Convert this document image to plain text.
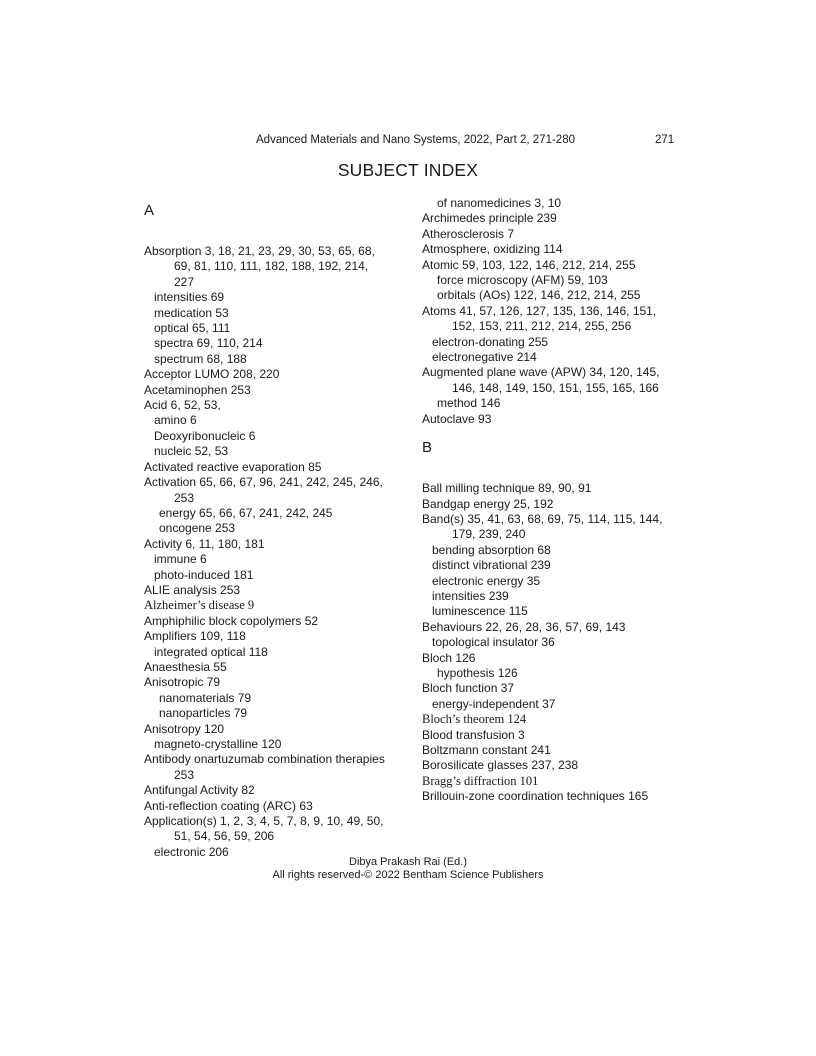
Advanced Materials and Nano Systems, 2022, Part 2, 271-280	271
SUBJECT INDEX
A
Absorption 3, 18, 21, 23, 29, 30, 53, 65, 68,
69, 81, 110, 111, 182, 188, 192, 214,
227
intensities 69
medication 53
optical 65, 111
spectra 69, 110, 214
spectrum 68, 188
Acceptor LUMO 208, 220
Acetaminophen 253
Acid 6, 52, 53,
amino 6
Deoxyribonucleic 6
nucleic 52, 53
Activated reactive evaporation 85
Activation 65, 66, 67, 96, 241, 242, 245, 246,
253
energy 65, 66, 67, 241, 242, 245
oncogene 253
Activity 6, 11, 180, 181
immune 6
photo-induced 181
ALIE analysis 253
Alzheimer’s disease 9
Amphiphilic block copolymers 52
Amplifiers 109, 118
integrated optical 118
Anaesthesia 55
Anisotropic 79
nanomaterials 79
nanoparticles 79
Anisotropy 120
magneto-crystalline 120
Antibody onartuzumab combination therapies
253
Antifungal Activity 82
Anti-reflection coating (ARC) 63
Application(s) 1, 2, 3, 4, 5, 7, 8, 9, 10, 49, 50,
51, 54, 56, 59, 206
electronic 206
of nanomedicines 3, 10
Archimedes principle 239
Atherosclerosis 7
Atmosphere, oxidizing 114
Atomic 59, 103, 122, 146, 212, 214, 255
force microscopy (AFM) 59, 103
orbitals (AOs) 122, 146, 212, 214, 255
Atoms 41, 57, 126, 127, 135, 136, 146, 151,
152, 153, 211, 212, 214, 255, 256
electron-donating 255
electronegative 214
Augmented plane wave (APW) 34, 120, 145,
146, 148, 149, 150, 151, 155, 165, 166
method 146
Autoclave 93
B
Ball milling technique 89, 90, 91
Bandgap energy 25, 192
Band(s) 35, 41, 63, 68, 69, 75, 114, 115, 144,
179, 239, 240
bending absorption 68
distinct vibrational 239
electronic energy 35
intensities 239
luminescence 115
Behaviours 22, 26, 28, 36, 57, 69, 143
topological insulator 36
Bloch 126
hypothesis 126
Bloch function 37
energy-independent 37
Bloch’s theorem 124
Blood transfusion 3
Boltzmann constant 241
Borosilicate glasses 237, 238
Bragg’s diffraction 101
Brillouin-zone coordination techniques 165
Dibya Prakash Rai (Ed.)
All rights reserved-© 2022 Bentham Science Publishers
